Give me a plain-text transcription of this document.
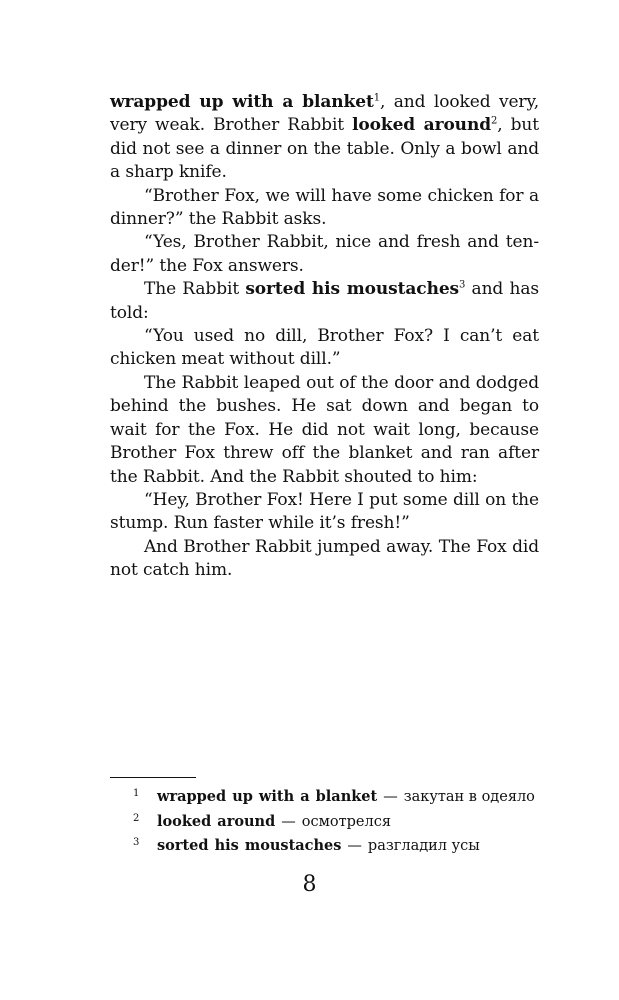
wrapped up with a blanket$^1$, and looked very, very weak. Brother Rabbit looked around$^2$, but did not see a dinner on the table. Only a bowl and a sharp knife.

“Brother Fox, we will have some chicken for a dinner?” the Rabbit asks.

“Yes, Brother Rabbit, nice and fresh and ten-der!” the Fox answers.

The Rabbit sorted his moustaches$^3$ and has told:

“You used no dill, Brother Fox? I can’t eat chicken meat without dill.”

The Rabbit leaped out of the door and dodged behind the bushes. He sat down and began to wait for the Fox. He did not wait long, because Brother Fox threw off the blanket and ran after the Rabbit. And the Rabbit shouted to him:

“Hey, Brother Fox! Here I put some dill on the stump. Run faster while it’s fresh!”

And Brother Rabbit jumped away. The Fox did not catch him.

1	wrapped up with a blanket — закутан в одеяло
2	looked around — осмотрелся
3	sorted his moustaches — разгладил усы
8
